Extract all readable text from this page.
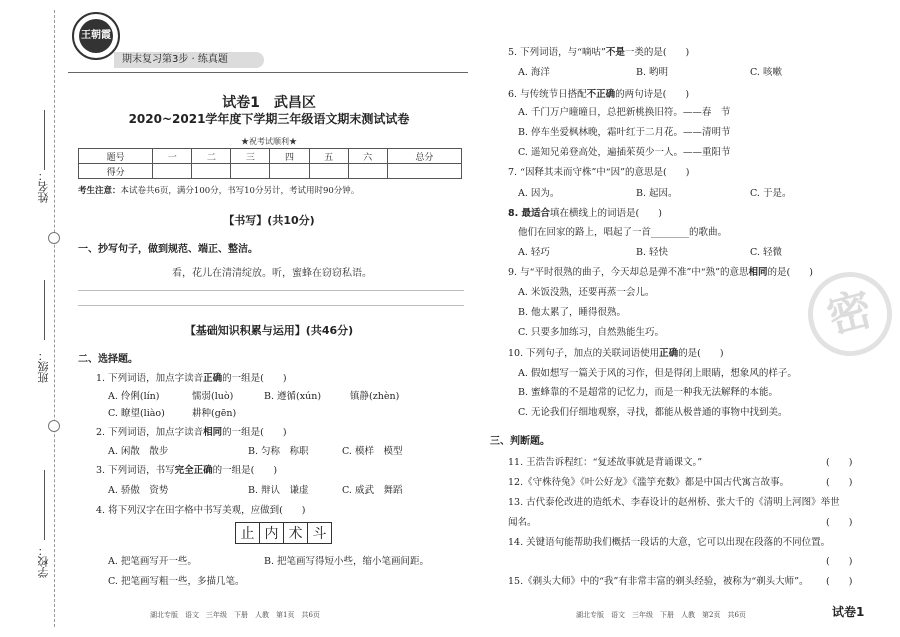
姓名：
班级：
学校：
王朝霞
期末复习第3步 · 练真题
试卷1　武昌区
2020~2021学年度下学期三年级语文期末测试试卷
★祝考试顺利★
题号	一	二	三	四	五	六	总分
得分							
考生注意：本试卷共6页，满分100分，书写10分另计，考试用时90分钟。
【书写】(共10分)
一、抄写句子，做到规范、端正、整洁。
看，花儿在清清绽放。听，蜜蜂在窃窃私语。
【基础知识积累与运用】(共46分)
二、选择题。
1. 下列词语，加点字读音正确的一组是(　　)
A. 伶俐(lín)	懦弱(luò)	B. 遵循(xún)	镇静(zhèn)
C. 瞭望(liào)	耕种(gēn)
2. 下列词语，加点字读音相同的一组是(　　)
A. 闲散　散步	B. 匀称　称职	C. 模样　模型
3. 下列词语，书写完全正确的一组是(　　)
A. 骄傲　资势	B. 辩认　谦虚	C. 威武　舞蹈
4. 将下列汉字在田字格中书写美观，应做到(　　)
止 内 术 斗
A. 把笔画写开一些。	B. 把笔画写得短小些，缩小笔画间距。
C. 把笔画写粗一些，多描几笔。
湖北专版　语文　三年级　下册　人教　第1页　共6页
5. 下列词语，与“嘀咕”不是一类的是(　　)
A. 海洋	B. 哟明	C. 咳嗽
6. 与传统节日搭配不正确的两句诗是(　　)
A. 千门万户曈曈日，总把新桃换旧符。——春　节
B. 停车坐爱枫林晚，霜叶红于二月花。——清明节
C. 遥知兄弟登高处，遍插茱萸少一人。——重阳节
7. “因释其耒而守株”中“因”的意思是(　　)
A. 因为。	B. 起因。	C. 于是。
8. 最适合填在横线上的词语是(　　)
他们在回家的路上，唱起了一首________的歌曲。
A. 轻巧	B. 轻快	C. 轻微
9. 与“平时很熟的曲子，今天却总是弹不准”中“熟”的意思相同的是(　　)
A. 米饭没熟，还要再蒸一会儿。
B. 他太累了，睡得很熟。
C. 只要多加练习，自然熟能生巧。
10. 下列句子，加点的关联词语使用正确的是(　　)
A. 假如想写一篇关于风的习作，但是得闭上眼睛，想象风的样子。
B. 蜜蜂靠的不是超常的记忆力，而是一种我无法解释的本能。
C. 无论我们仔细地观察，寻找，都能从极普通的事物中找到美。
三、判断题。
11. 王浩告诉程红：“复述故事就是背诵课文。”	(　　)
12.《守株待兔》《叶公好龙》《滥竽充数》都是中国古代寓言故事。	(　　)
13. 古代泰伦改进的造纸术、李春设计的赵州桥、张大千的《清明上河图》举世
闻名。	(　　)
14. 关键语句能帮助我们概括一段话的大意，它可以出现在段落的不同位置。
(　　)
15.《剃头大师》中的“我”有非常丰富的剃头经验，被称为“剃头大师”。 (　　)
湖北专版　语文　三年级　下册　人教　第2页　共6页
密
试卷1
